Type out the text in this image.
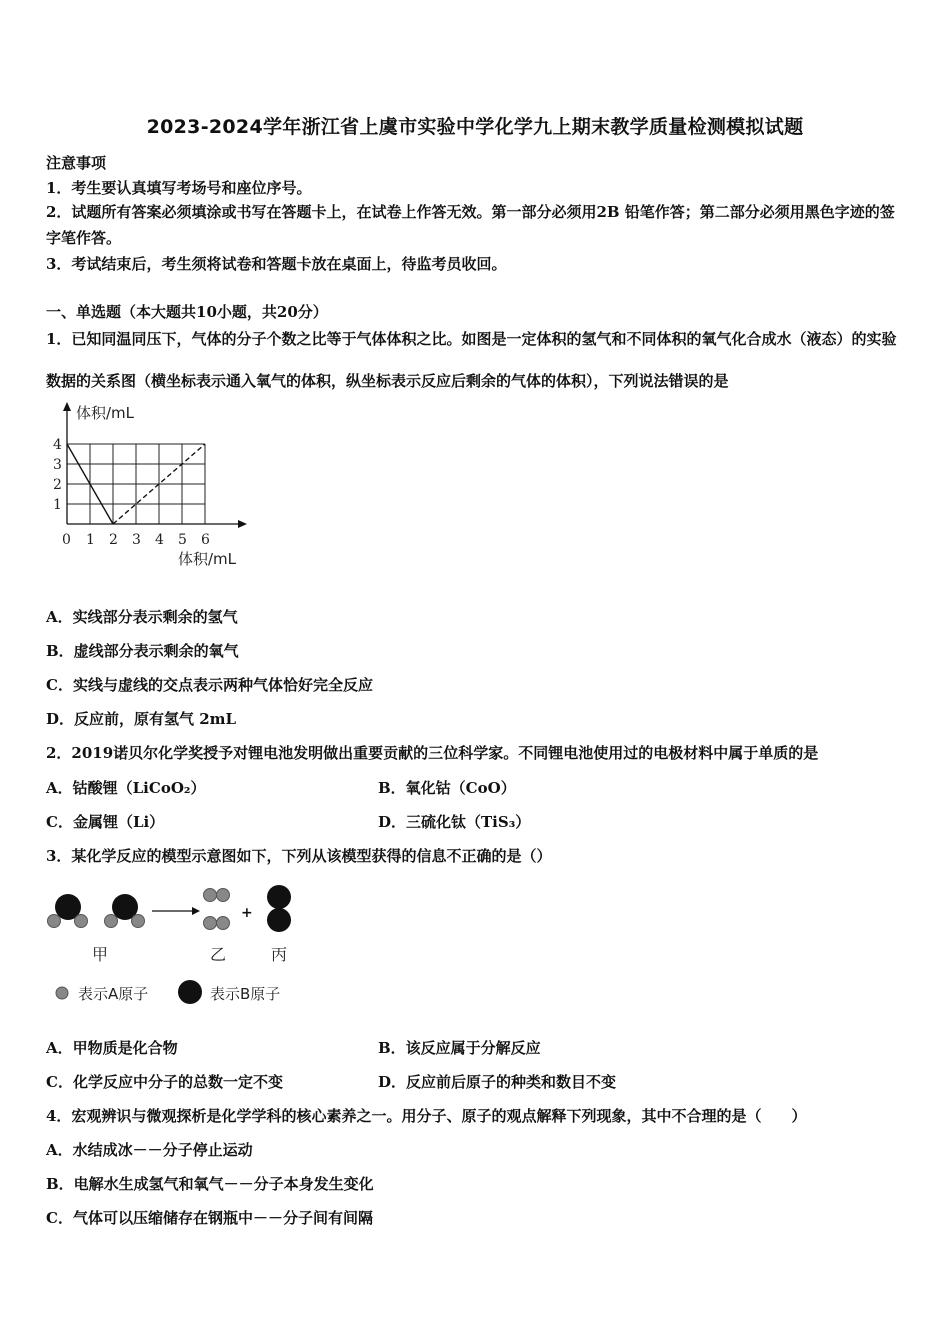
2023-2024学年浙江省上虞市实验中学化学九上期末教学质量检测模拟试题
注意事项
1．考生要认真填写考场号和座位序号。
2．试题所有答案必须填涂或书写在答题卡上，在试卷上作答无效。第一部分必须用2B 铅笔作答；第二部分必须用黑色字迹的签字笔作答。
3．考试结束后，考生须将试卷和答题卡放在桌面上，待监考员收回。
一、单选题（本大题共10小题，共20分）
1．已知同温同压下，气体的分子个数之比等于气体体积之比。如图是一定体积的氢气和不同体积的氧气化合成水（液态）的实验数据的关系图（横坐标表示通入氧气的体积，纵坐标表示反应后剩余的气体的体积），下列说法错误的是
0 1 2 3 4 5 6
1
2
3
4
体积/mL
体积/mL
A．实线部分表示剩余的氢气
B．虚线部分表示剩余的氧气
C．实线与虚线的交点表示两种气体恰好完全反应
D．反应前，原有氢气 2mL
2．2019诺贝尔化学奖授予对锂电池发明做出重要贡献的三位科学家。不同锂电池使用过的电极材料中属于单质的是
A．钴酸锂（LiCoO₂）	B．氧化钴（CoO）
C．金属锂（Li）	D．三硫化钛（TiS₃）
3．某化学反应的模型示意图如下，下列从该模型获得的信息不正确的是（）
+
甲	乙	丙
表示A原子	表示B原子
A．甲物质是化合物	B．该反应属于分解反应
C．化学反应中分子的总数一定不变	D．反应前后原子的种类和数目不变
4．宏观辨识与微观探析是化学学科的核心素养之一。用分子、原子的观点解释下列现象，其中不合理的是（　　）
A．水结成冰－－分子停止运动
B．电解水生成氢气和氧气－－分子本身发生变化
C．气体可以压缩储存在钢瓶中－－分子间有间隔
